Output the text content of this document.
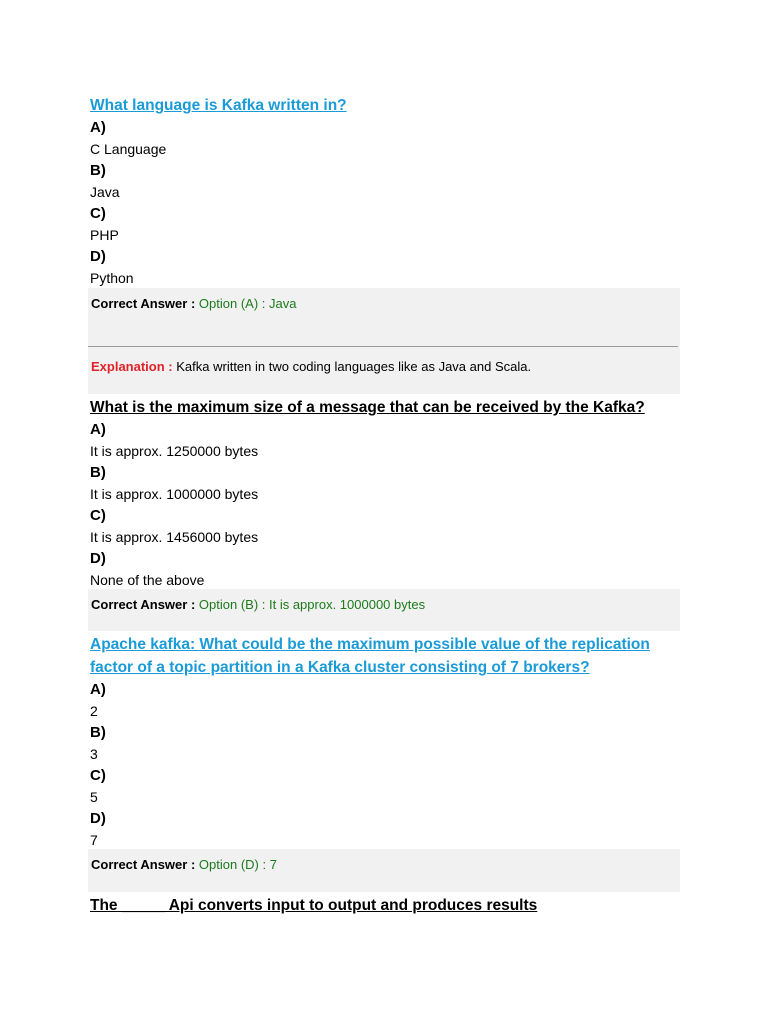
What language is Kafka written in?

A)

C Language

B)

Java

C)

PHP

D)

Python

Correct Answer : Option (A) : Java
Explanation : Kafka written in two coding languages like as Java and Scala.

What is the maximum size of a message that can be received by the Kafka?

A)

It is approx. 1250000 bytes

B)

It is approx. 1000000 bytes

C)

It is approx. 1456000 bytes

D)

None of the above

Correct Answer : Option (B) : It is approx. 1000000 bytes

Apache kafka: What could be the maximum possible value of the replication factor of a topic partition in a Kafka cluster consisting of 7 brokers?

A)

2

B)

3

C)

5

D)

7

Correct Answer : Option (D) : 7

The _____ Api converts input to output and produces results
